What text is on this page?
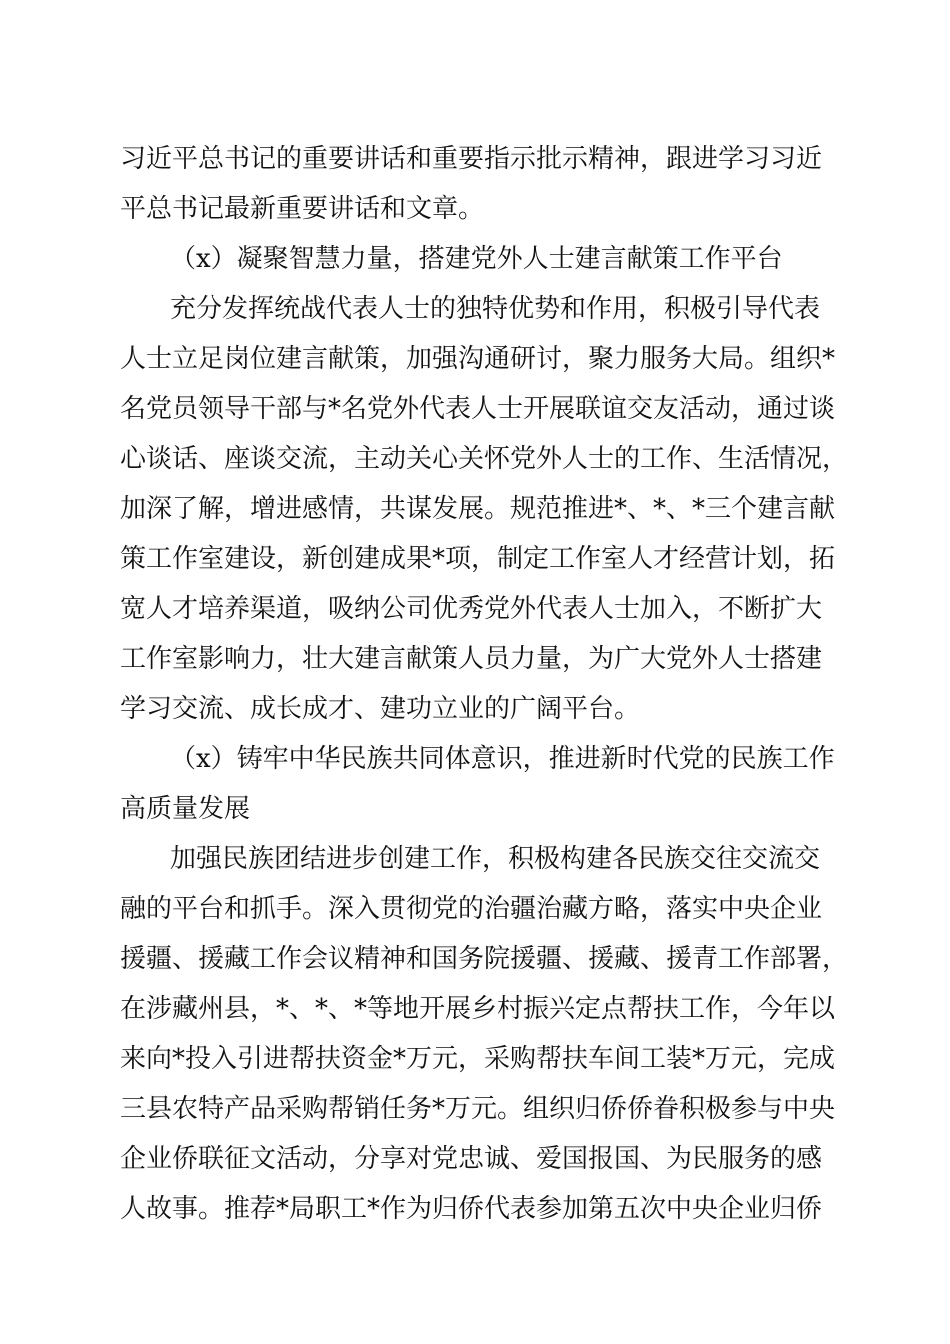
习近平总书记的重要讲话和重要指示批示精神，跟进学习习近
平总书记最新重要讲话和文章。
（x）凝聚智慧力量，搭建党外人士建言献策工作平台
充分发挥统战代表人士的独特优势和作用，积极引导代表
人士立足岗位建言献策，加强沟通研讨，聚力服务大局。组织*
名党员领导干部与*名党外代表人士开展联谊交友活动，通过谈
心谈话、座谈交流，主动关心关怀党外人士的工作、生活情况，
加深了解，增进感情，共谋发展。规范推进*、*、*三个建言献
策工作室建设，新创建成果*项，制定工作室人才经营计划，拓
宽人才培养渠道，吸纳公司优秀党外代表人士加入，不断扩大
工作室影响力，壮大建言献策人员力量，为广大党外人士搭建
学习交流、成长成才、建功立业的广阔平台。
（x）铸牢中华民族共同体意识，推进新时代党的民族工作
高质量发展
加强民族团结进步创建工作，积极构建各民族交往交流交
融的平台和抓手。深入贯彻党的治疆治藏方略，落实中央企业
援疆、援藏工作会议精神和国务院援疆、援藏、援青工作部署，
在涉藏州县，*、*、*等地开展乡村振兴定点帮扶工作，今年以
来向*投入引进帮扶资金*万元，采购帮扶车间工装*万元，完成
三县农特产品采购帮销任务*万元。组织归侨侨眷积极参与中央
企业侨联征文活动，分享对党忠诚、爱国报国、为民服务的感
人故事。推荐*局职工*作为归侨代表参加第五次中央企业归侨
